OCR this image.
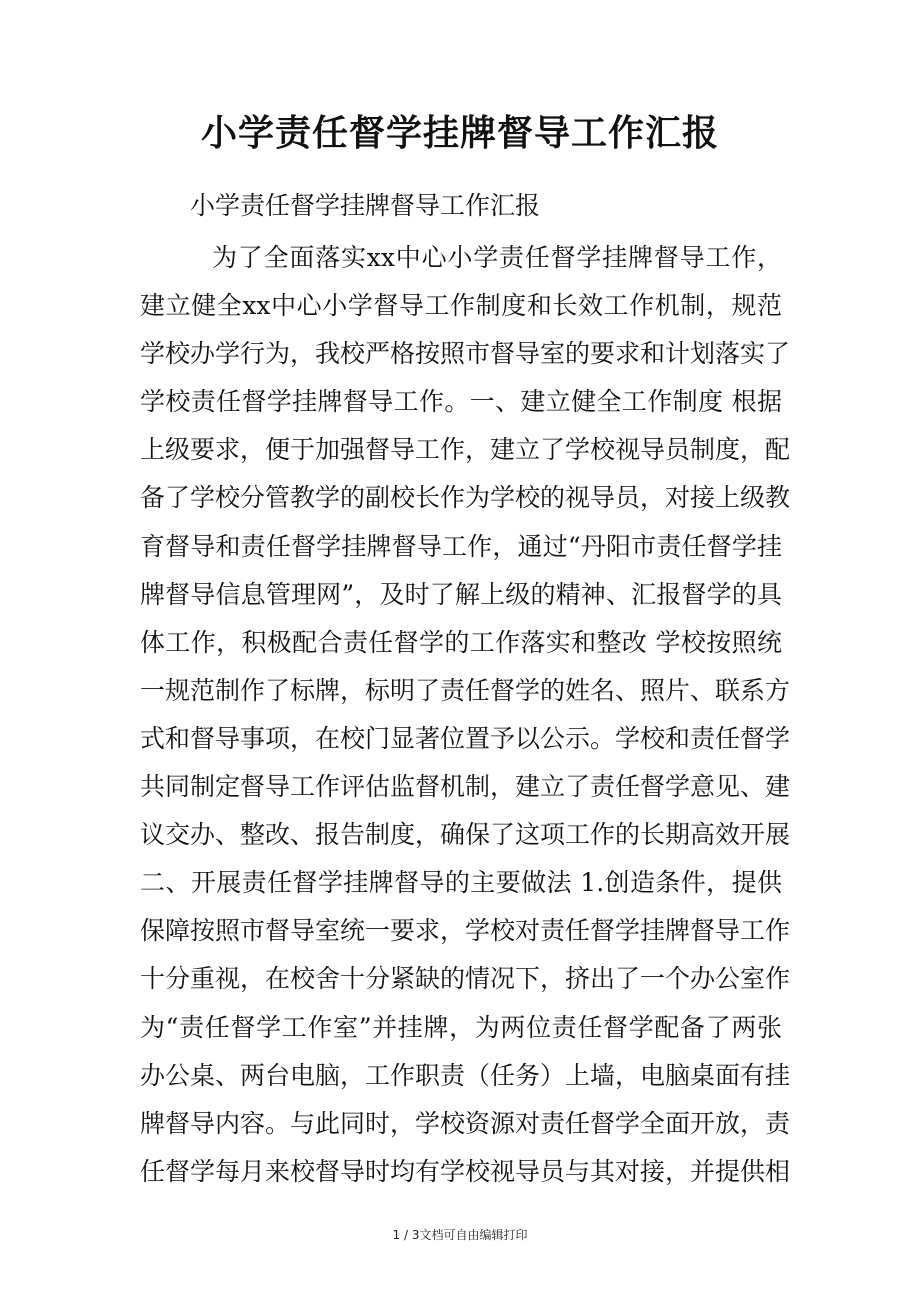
小学责任督学挂牌督导工作汇报

小学责任督学挂牌督导工作汇报

为了全面落实xx中心小学责任督学挂牌督导工作，
建立健全xx中心小学督导工作制度和长效工作机制，规范
学校办学行为，我校严格按照市督导室的要求和计划落实了
学校责任督学挂牌督导工作。一、建立健全工作制度 根据
上级要求，便于加强督导工作，建立了学校视导员制度，配
备了学校分管教学的副校长作为学校的视导员，对接上级教
育督导和责任督学挂牌督导工作，通过“丹阳市责任督学挂
牌督导信息管理网”，及时了解上级的精神、汇报督学的具
体工作，积极配合责任督学的工作落实和整改 学校按照统
一规范制作了标牌，标明了责任督学的姓名、照片、联系方
式和督导事项，在校门显著位置予以公示。学校和责任督学
共同制定督导工作评估监督机制，建立了责任督学意见、建
议交办、整改、报告制度，确保了这项工作的长期高效开展
二、开展责任督学挂牌督导的主要做法 1.创造条件，提供
保障按照市督导室统一要求，学校对责任督学挂牌督导工作
十分重视，在校舍十分紧缺的情况下，挤出了一个办公室作
为“责任督学工作室”并挂牌，为两位责任督学配备了两张
办公桌、两台电脑，工作职责（任务）上墙，电脑桌面有挂
牌督导内容。与此同时，学校资源对责任督学全面开放，责
任督学每月来校督导时均有学校视导员与其对接，并提供相
1 / 3文档可自由编辑打印
